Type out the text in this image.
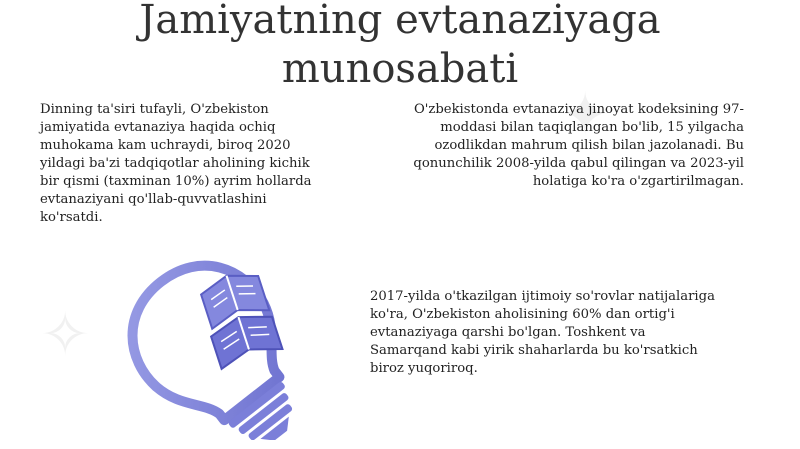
✦
✧
Jamiyatning evtanaziyaga
munosabati

Dinning ta'siri tufayli, O'zbekiston
jamiyatida evtanaziya haqida ochiq
muhokama kam uchraydi, biroq 2020
yildagi ba'zi tadqiqotlar aholining kichik
bir qismi (taxminan 10%) ayrim hollarda
evtanaziyani qo'llab-quvvatlashini
ko'rsatdi.

O'zbekistonda evtanaziya jinoyat kodeksining 97-
moddasi bilan taqiqlangan bo'lib, 15 yilgacha
ozodlikdan mahrum qilish bilan jazolanadi. Bu
qonunchilik 2008-yilda qabul qilingan va 2023-yil
holatiga ko'ra o'zgartirilmagan.

2017-yilda o'tkazilgan ijtimoiy so'rovlar natijalariga
ko'ra, O'zbekiston aholisining 60% dan ortig'i
evtanaziyaga qarshi bo'lgan. Toshkent va
Samarqand kabi yirik shaharlarda bu ko'rsatkich
biroz yuqoriroq.
